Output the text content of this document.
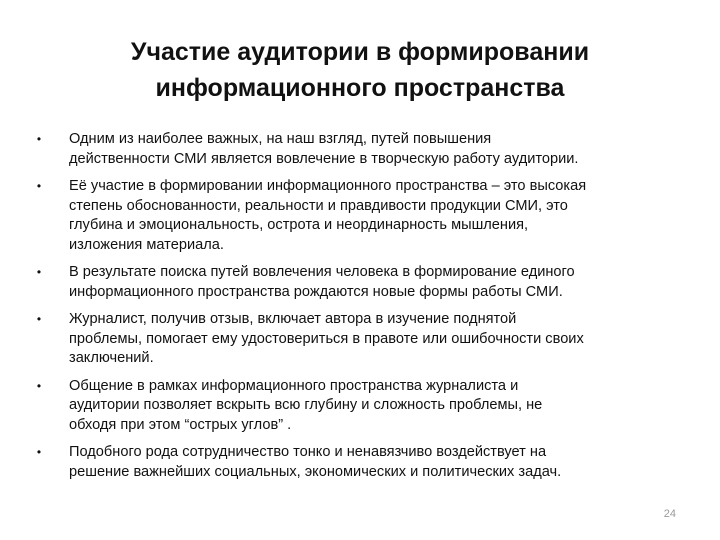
Участие аудитории в формировании
информационного пространства
• Одним из наиболее важных, на наш взгляд, путей повышения
действенности СМИ является вовлечение в творческую работу аудитории.
• Её участие в формировании информационного пространства – это высокая
степень обоснованности, реальности и правдивости продукции СМИ, это
глубина и эмоциональность, острота и неординарность мышления,
изложения материала.
• В результате поиска путей вовлечения человека в формирование единого
информационного пространства рождаются новые формы работы СМИ.
• Журналист, получив отзыв, включает автора в изучение поднятой
проблемы, помогает ему удостовериться в правоте или ошибочности своих
заключений.
• Общение в рамках информационного пространства журналиста и
аудитории позволяет вскрыть всю глубину и сложность проблемы, не
обходя при этом “острых углов” .
• Подобного рода сотрудничество тонко и ненавязчиво воздействует на
решение важнейших социальных, экономических и политических задач.
24
